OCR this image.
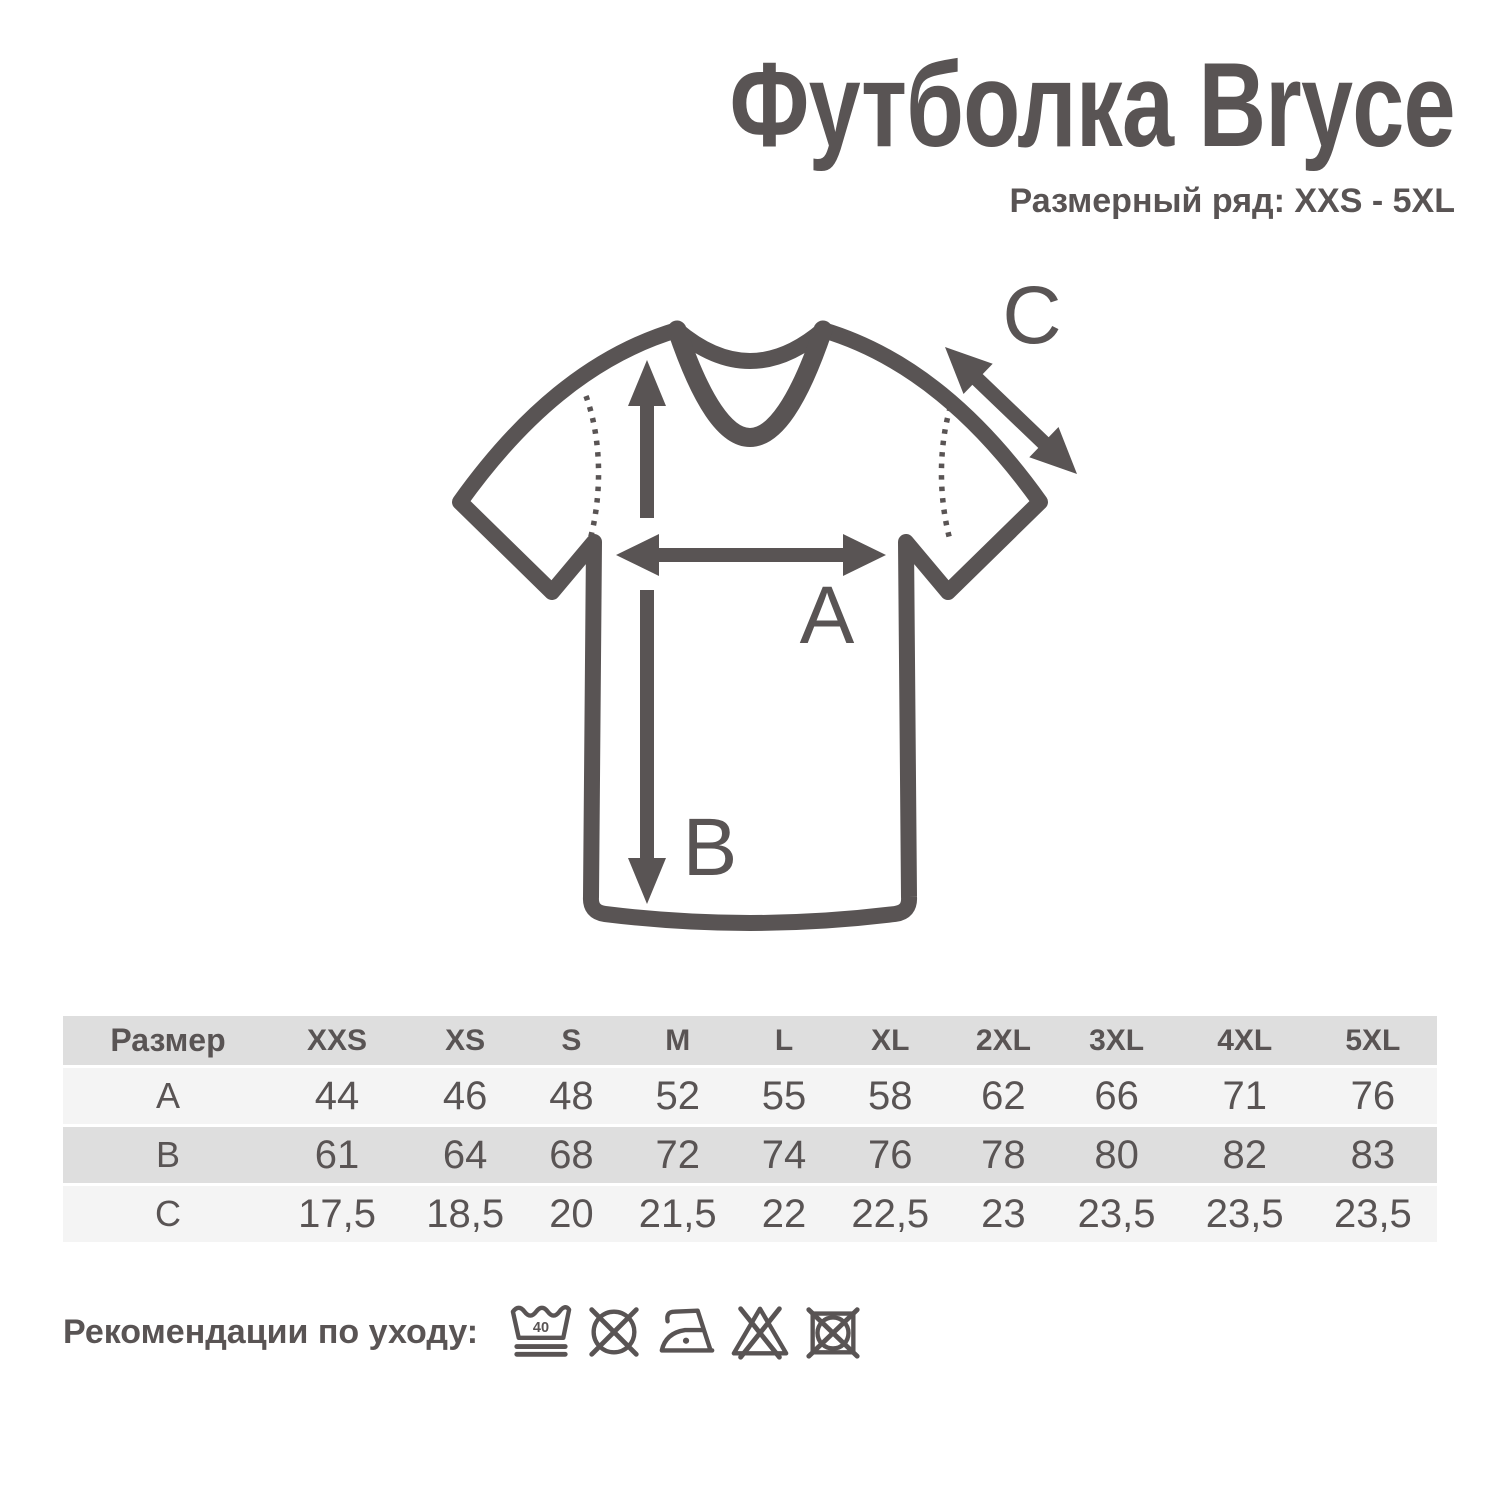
Футболка Bryce
Размерный ряд: XXS - 5XL
A
B
C
Размер	XXS	XS	S	M	L	XL	2XL	3XL	4XL	5XL
A	44	46	48	52	55	58	62	66	71	76
B	61	64	68	72	74	76	78	80	82	83
C	17,5	18,5	20	21,5	22	22,5	23	23,5	23,5	23,5
Рекомендации по уходу:	40
